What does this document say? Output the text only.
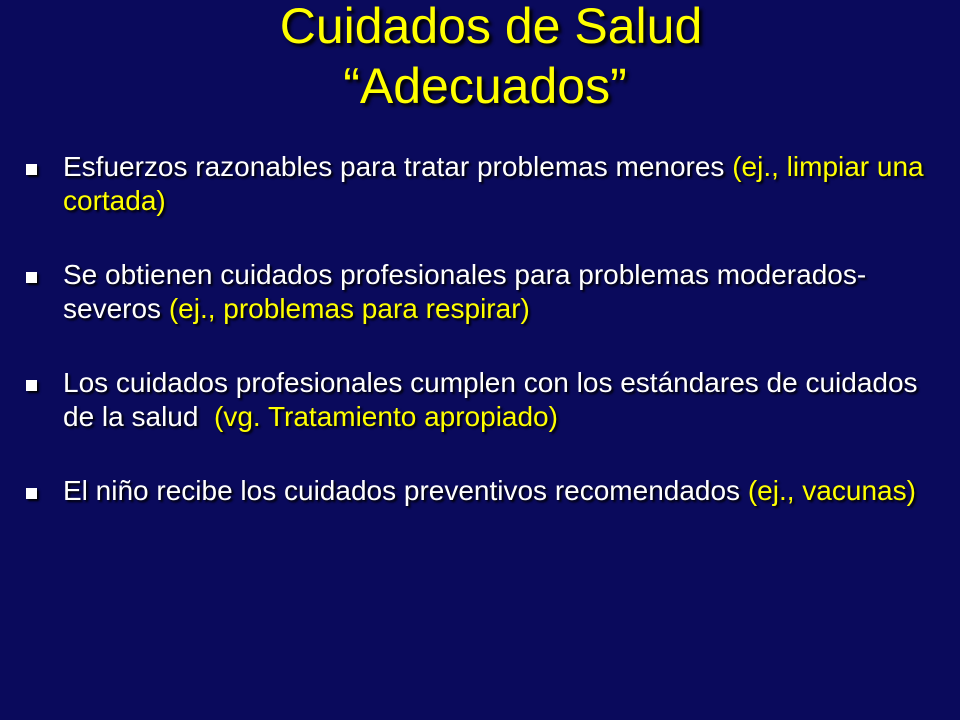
Cuidados de Salud
“Adecuados”
Esfuerzos razonables para tratar problemas menores (ej., limpiar una cortada)
Se obtienen cuidados profesionales para problemas moderados-severos (ej., problemas para respirar)
Los cuidados profesionales cumplen con los estándares de cuidados de la salud  (vg. Tratamiento apropiado)
El niño recibe los cuidados preventivos recomendados (ej., vacunas)
